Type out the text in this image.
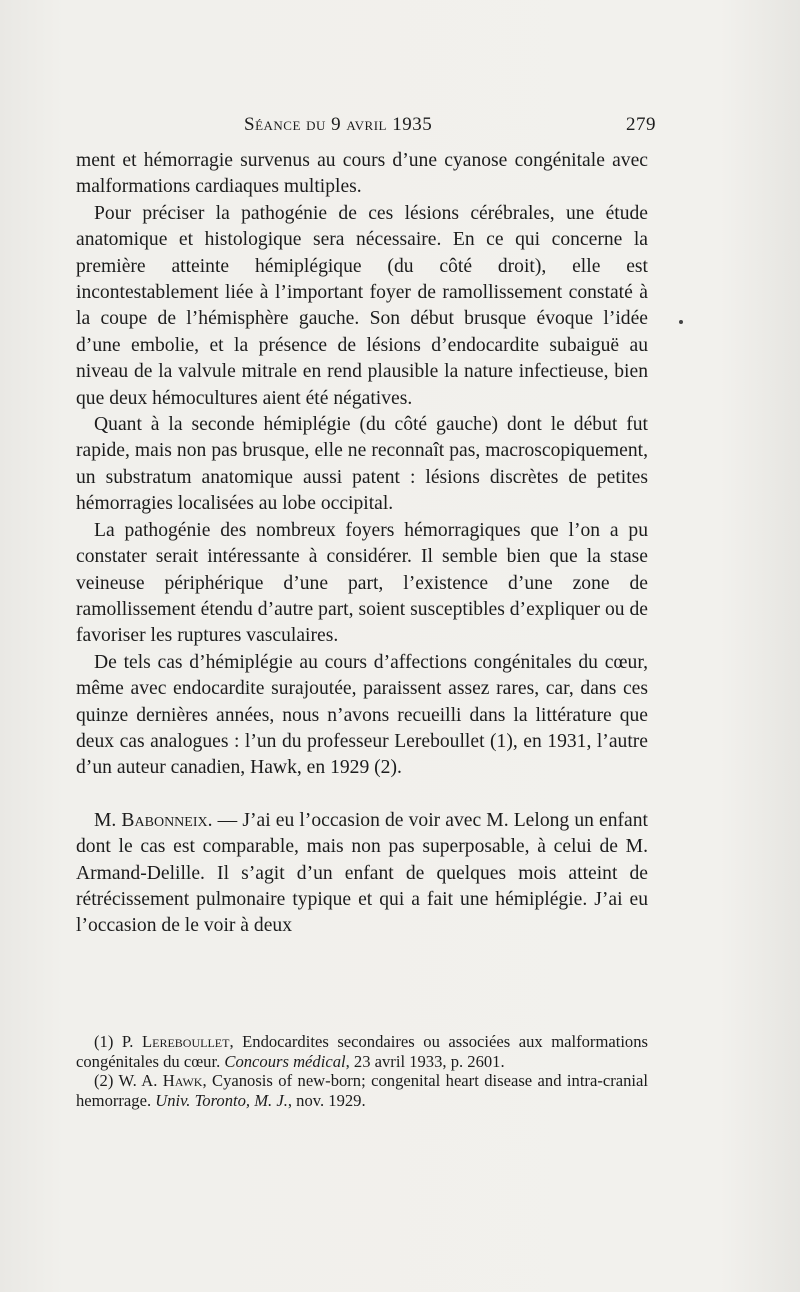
Séance du 9 avril 1935	279

ment et hémorragie survenus au cours d’une cyanose congénitale avec malformations cardiaques multiples.

Pour préciser la pathogénie de ces lésions cérébrales, une étude anatomique et histologique sera nécessaire. En ce qui concerne la première atteinte hémiplégique (du côté droit), elle est incontestablement liée à l’important foyer de ramollissement constaté à la coupe de l’hémisphère gauche. Son début brusque évoque l’idée d’une embolie, et la présence de lésions d’endocardite subaiguë au niveau de la valvule mitrale en rend plausible la nature infectieuse, bien que deux hémocultures aient été négatives.

Quant à la seconde hémiplégie (du côté gauche) dont le début fut rapide, mais non pas brusque, elle ne reconnaît pas, macroscopiquement, un substratum anatomique aussi patent : lésions discrètes de petites hémorragies localisées au lobe occipital.

La pathogénie des nombreux foyers hémorragiques que l’on a pu constater serait intéressante à considérer. Il semble bien que la stase veineuse périphérique d’une part, l’existence d’une zone de ramollissement étendu d’autre part, soient susceptibles d’expliquer ou de favoriser les ruptures vasculaires.

De tels cas d’hémiplégie au cours d’affections congénitales du cœur, même avec endocardite surajoutée, paraissent assez rares, car, dans ces quinze dernières années, nous n’avons recueilli dans la littérature que deux cas analogues : l’un du professeur Lereboullet (1), en 1931, l’autre d’un auteur canadien, Hawk, en 1929 (2).

M. Babonneix. — J’ai eu l’occasion de voir avec M. Lelong un enfant dont le cas est comparable, mais non pas superposable, à celui de M. Armand-Delille. Il s’agit d’un enfant de quelques mois atteint de rétrécissement pulmonaire typique et qui a fait une hémiplégie. J’ai eu l’occasion de le voir à deux

(1) P. Lereboullet, Endocardites secondaires ou associées aux malformations congénitales du cœur. Concours médical, 23 avril 1933, p. 2601.

(2) W. A. Hawk, Cyanosis of new-born; congenital heart disease and intra-cranial hemorrage. Univ. Toronto, M. J., nov. 1929.
